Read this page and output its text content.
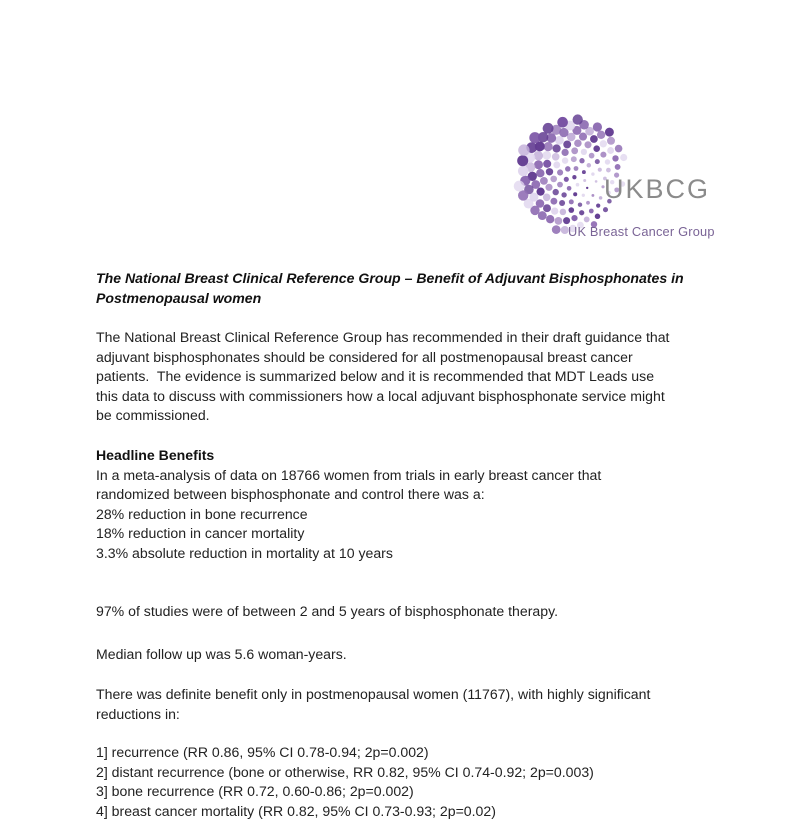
UKBCG
UK Breast Cancer Group
The National Breast Clinical Reference Group – Benefit of Adjuvant Bisphosphonates in
Postmenopausal women
The National Breast Clinical Reference Group has recommended in their draft guidance that
adjuvant bisphosphonates should be considered for all postmenopausal breast cancer
patients.  The evidence is summarized below and it is recommended that MDT Leads use
this data to discuss with commissioners how a local adjuvant bisphosphonate service might
be commissioned.
Headline Benefits
In a meta-analysis of data on 18766 women from trials in early breast cancer that
randomized between bisphosphonate and control there was a:
28% reduction in bone recurrence
18% reduction in cancer mortality
3.3% absolute reduction in mortality at 10 years
97% of studies were of between 2 and 5 years of bisphosphonate therapy.
Median follow up was 5.6 woman-years.
There was definite benefit only in postmenopausal women (11767), with highly significant
reductions in:
1] recurrence (RR 0.86, 95% CI 0.78-0.94; 2p=0.002)
2] distant recurrence (bone or otherwise, RR 0.82, 95% CI 0.74-0.92; 2p=0.003)
3] bone recurrence (RR 0.72, 0.60-0.86; 2p=0.002)
4] breast cancer mortality (RR 0.82, 95% CI 0.73-0.93; 2p=0.02)
